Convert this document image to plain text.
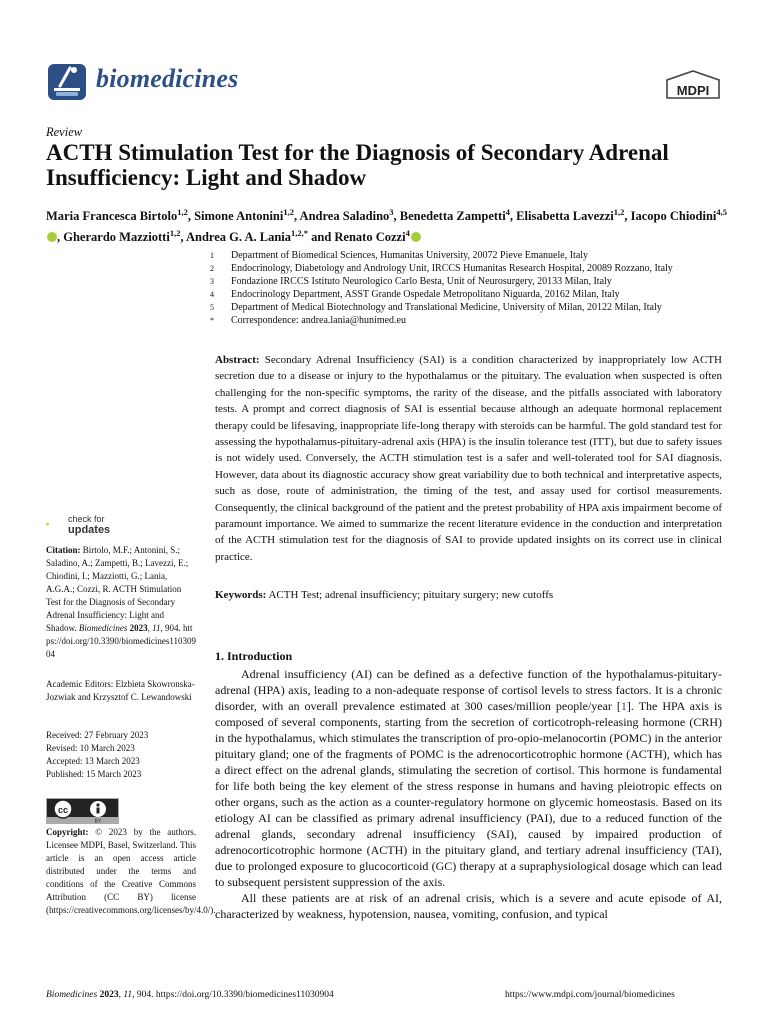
biomedicines	MDPI
Review
ACTH Stimulation Test for the Diagnosis of Secondary Adrenal Insufficiency: Light and Shadow
Maria Francesca Birtolo$^{1,2}$, Simone Antonini$^{1,2}$, Andrea Saladino$^3$, Benedetta Zampetti$^4$, Elisabetta Lavezzi$^{1,2}$, Iacopo Chiodini$^{4,5}$, Gherardo Mazziotti$^{1,2}$, Andrea G. A. Lania$^{1,2,*}$ and Renato Cozzi$^4$
1	Department of Biomedical Sciences, Humanitas University, 20072 Pieve Emanuele, Italy
2	Endocrinology, Diabetology and Andrology Unit, IRCCS Humanitas Research Hospital, 20089 Rozzano, Italy
3	Fondazione IRCCS Istituto Neurologico Carlo Besta, Unit of Neurosurgery, 20133 Milan, Italy
4	Endocrinology Department, ASST Grande Ospedale Metropolitano Niguarda, 20162 Milan, Italy
5	Department of Medical Biotechnology and Translational Medicine, University of Milan, 20122 Milan, Italy
*	Correspondence: andrea.lania@hunimed.eu
Abstract: Secondary Adrenal Insufficiency (SAI) is a condition characterized by inappropriately low ACTH secretion due to a disease or injury to the hypothalamus or the pituitary. The evaluation when suspected is often challenging for the non-specific symptoms, the rarity of the disease, and the pitfalls associated with laboratory tests. A prompt and correct diagnosis of SAI is essential because although an adequate hormonal replacement therapy could be lifesaving, inappropriate life-long therapy with steroids can be harmful. The gold standard test for assessing the hypothalamus-pituitary-adrenal axis (HPA) is the insulin tolerance test (ITT), but due to safety issues is not widely used. Conversely, the ACTH stimulation test is a safer and well-tolerated tool for SAI diagnosis. However, data about its diagnostic accuracy show great variability due to both technical and interpretative aspects, such as dose, route of administration, the timing of the test, and assay used for cortisol measurements. Consequently, the clinical background of the patient and the pretest probability of HPA axis impairment become of paramount importance. We aimed to summarize the recent literature evidence in the conduction and interpretation of the ACTH stimulation test for the diagnosis of SAI to provide updated insights on its correct use in clinical practice.
Keywords: ACTH Test; adrenal insufficiency; pituitary surgery; new cutoffs
check for
updates
Citation: Birtolo, M.F.; Antonini, S.; Saladino, A.; Zampetti, B.; Lavezzi, E.; Chiodini, I.; Mazziotti, G.; Lania, A.G.A.; Cozzi, R. ACTH Stimulation Test for the Diagnosis of Secondary Adrenal Insufficiency: Light and Shadow. Biomedicines 2023, 11, 904. https://doi.org/10.3390/biomedicines11030904
Academic Editors: Elzbieta Skowronska-Jozwiak and Krzysztof C. Lewandowski
Received: 27 February 2023
Revised: 10 March 2023
Accepted: 13 March 2023
Published: 15 March 2023
cc
BY
Copyright: © 2023 by the authors. Licensee MDPI, Basel, Switzerland. This article is an open access article distributed under the terms and conditions of the Creative Commons Attribution (CC BY) license (https://creativecommons.org/licenses/by/4.0/).
1. Introduction

Adrenal insufficiency (AI) can be defined as a defective function of the hypothalamus-pituitary-adrenal (HPA) axis, leading to a non-adequate response of cortisol levels to stress factors. It is a chronic disorder, with an overall prevalence estimated at 300 cases/million people/year [1]. The HPA axis is composed of several components, starting from the secretion of corticotroph-releasing hormone (CRH) in the hypothalamus, which stimulates the transcription of pro-opio-melanocortin (POMC) in the anterior pituitary gland; one of the fragments of POMC is the adrenocorticotrophic hormone (ACTH), which has a direct effect on the adrenal glands, stimulating the secretion of cortisol. This hormone is fundamental for life both being the key element of the stress response in humans and having pleiotropic effects on other organs, such as the action as a counter-regulatory hormone on glycemic homeostasis. Based on its etiology AI can be classified as primary adrenal insufficiency (PAI), due to a reduced function of the adrenal glands, secondary adrenal insufficiency (SAI), caused by impaired production of adrenocorticotrophic hormone (ACTH) in the pituitary gland, and tertiary adrenal insufficiency (TAI), due to prolonged exposure to glucocorticoid (GC) therapy at a supraphysiological dosage which can lead to subsequent persistent suppression of the axis.

All these patients are at risk of an adrenal crisis, which is a severe and acute episode of AI, characterized by weakness, hypotension, nausea, vomiting, confusion, and typical

Biomedicines 2023, 11, 904. https://doi.org/10.3390/biomedicines11030904	https://www.mdpi.com/journal/biomedicines
